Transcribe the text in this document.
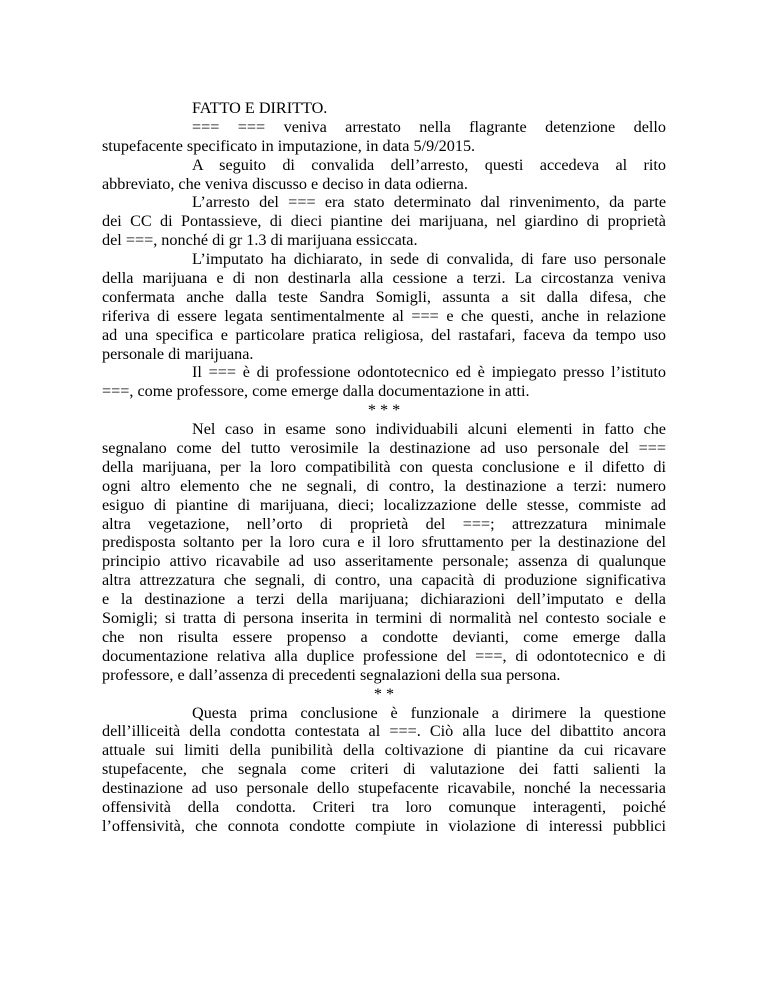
FATTO E DIRITTO.
=== === veniva arrestato nella flagrante detenzione dello
stupefacente specificato in imputazione, in data 5/9/2015.
A seguito di convalida dell’arresto, questi accedeva al rito
abbreviato, che veniva discusso e deciso in data odierna.
L’arresto del === era stato determinato dal rinvenimento, da parte
dei CC di Pontassieve, di dieci piantine dei marijuana, nel giardino di proprietà
del ===, nonché di gr 1.3 di marijuana essiccata.
L’imputato ha dichiarato, in sede di convalida, di fare uso personale
della marijuana e di non destinarla alla cessione a terzi. La circostanza veniva
confermata anche dalla teste Sandra Somigli, assunta a sit dalla difesa, che
riferiva di essere legata sentimentalmente al === e che questi, anche in relazione
ad una specifica e particolare pratica religiosa, del rastafari, faceva da tempo uso
personale di marijuana.
Il === è di professione odontotecnico ed è impiegato presso l’istituto
===, come professore, come emerge dalla documentazione in atti.
* * *
Nel caso in esame sono individuabili alcuni elementi in fatto che
segnalano come del tutto verosimile la destinazione ad uso personale del ===
della marijuana, per la loro compatibilità con questa conclusione e il difetto di
ogni altro elemento che ne segnali, di contro, la destinazione a terzi: numero
esiguo di piantine di marijuana, dieci; localizzazione delle stesse, commiste ad
altra vegetazione, nell’orto di proprietà del ===; attrezzatura minimale
predisposta soltanto per la loro cura e il loro sfruttamento per la destinazione del
principio attivo ricavabile ad uso asseritamente personale; assenza di qualunque
altra attrezzatura che segnali, di contro, una capacità di produzione significativa
e la destinazione a terzi della marijuana; dichiarazioni dell’imputato e della
Somigli; si tratta di persona inserita in termini di normalità nel contesto sociale e
che non risulta essere propenso a condotte devianti, come emerge dalla
documentazione relativa alla duplice professione del ===, di odontotecnico e di
professore, e dall’assenza di precedenti segnalazioni della sua persona.
* *
Questa prima conclusione è funzionale a dirimere la questione
dell’illiceità della condotta contestata al ===. Ciò alla luce del dibattito ancora
attuale sui limiti della punibilità della coltivazione di piantine da cui ricavare
stupefacente, che segnala come criteri di valutazione dei fatti salienti la
destinazione ad uso personale dello stupefacente ricavabile, nonché la necessaria
offensività della condotta. Criteri tra loro comunque interagenti, poiché
l’offensività, che connota condotte compiute in violazione di interessi pubblici
